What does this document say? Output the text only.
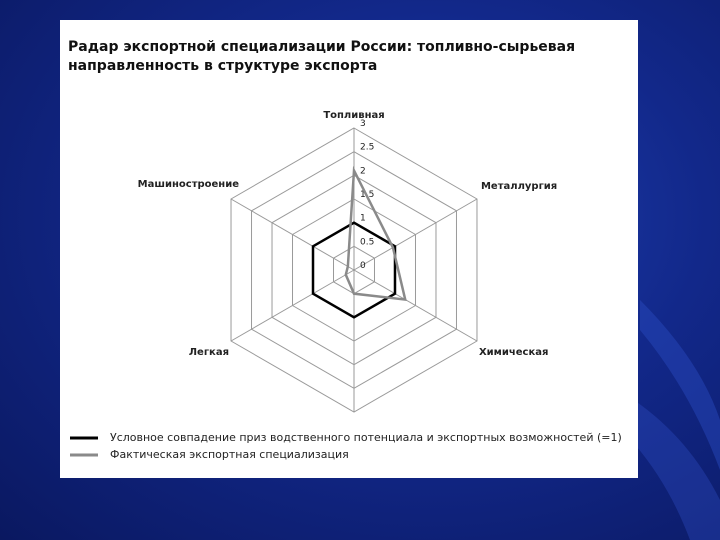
Радар экспортной специализации России: топливно-сырьевая
направленность в структуре экспорта
0
0.5
1
1.5
2
2.5
3
Топливная
Металлургия
Химическая
Легкая
Машиностроение
Условное совпадение приз водственного потенциала и экспортных возможностей (=1)
Фактическая экспортная специализация
